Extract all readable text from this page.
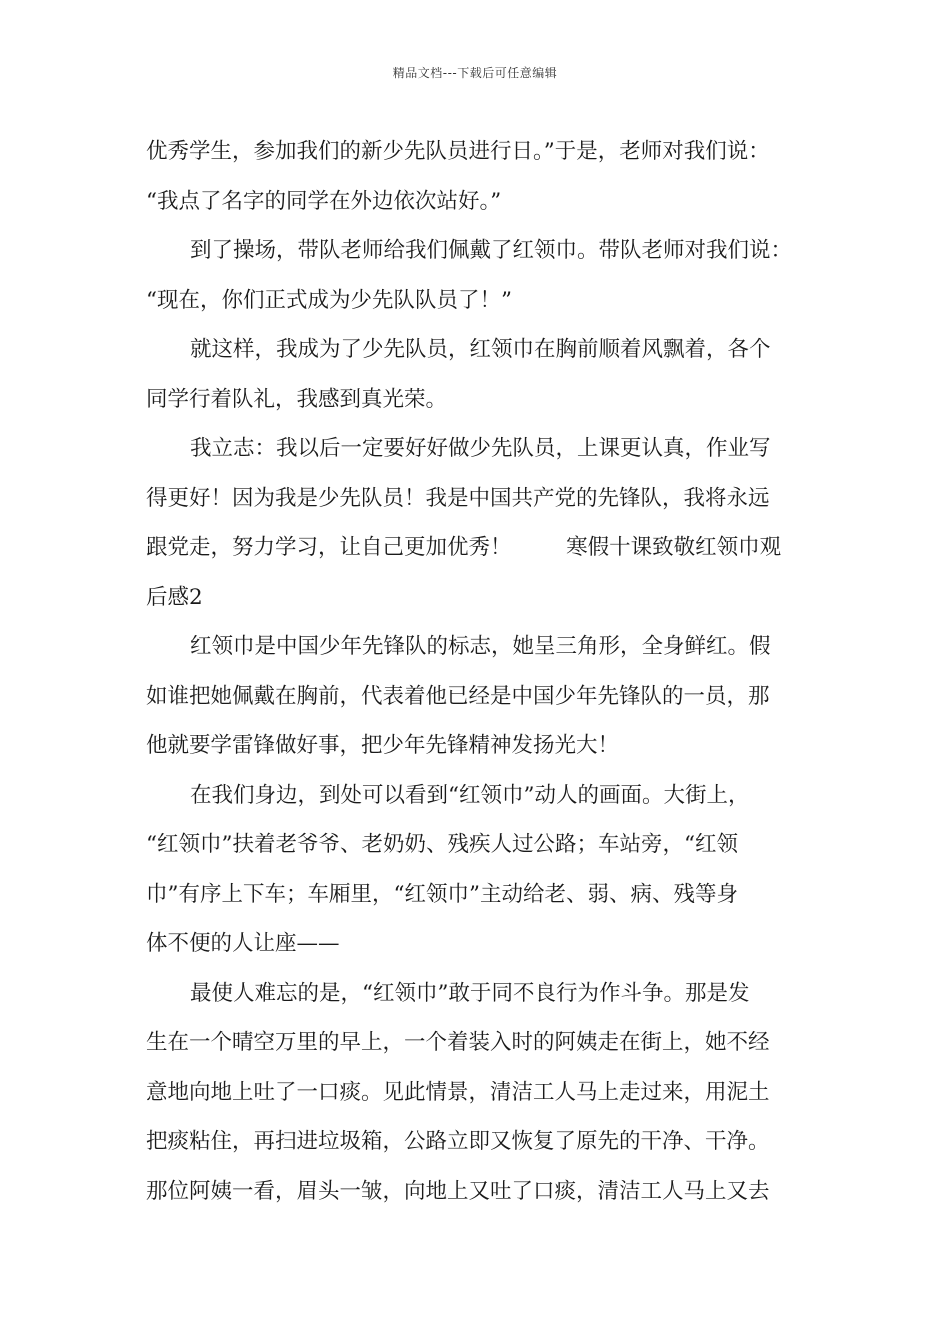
精品文档---下载后可任意编辑
优秀学生，参加我们的新少先队员进行日。”于是，老师对我们说：
“我点了名字的同学在外边依次站好。”
到了操场，带队老师给我们佩戴了红领巾。带队老师对我们说：
“现在，你们正式成为少先队队员了！”
就这样，我成为了少先队员，红领巾在胸前顺着风飘着，各个
同学行着队礼，我感到真光荣。
我立志：我以后一定要好好做少先队员，上课更认真，作业写
得更好！因为我是少先队员！我是中国共产党的先锋队，我将永远
跟党走，努力学习，让自己更加优秀！        寒假十课致敬红领巾观
后感2
红领巾是中国少年先锋队的标志，她呈三角形，全身鲜红。假
如谁把她佩戴在胸前，代表着他已经是中国少年先锋队的一员，那
他就要学雷锋做好事，把少年先锋精神发扬光大！
在我们身边，到处可以看到“红领巾”动人的画面。大街上，
“红领巾”扶着老爷爷、老奶奶、残疾人过公路；车站旁，“红领
巾”有序上下车；车厢里，“红领巾”主动给老、弱、病、残等身
体不便的人让座——
最使人难忘的是，“红领巾”敢于同不良行为作斗争。那是发
生在一个晴空万里的早上，一个着装入时的阿姨走在街上，她不经
意地向地上吐了一口痰。见此情景，清洁工人马上走过来，用泥土
把痰粘住，再扫进垃圾箱，公路立即又恢复了原先的干净、干净。
那位阿姨一看，眉头一皱，向地上又吐了口痰，清洁工人马上又去
